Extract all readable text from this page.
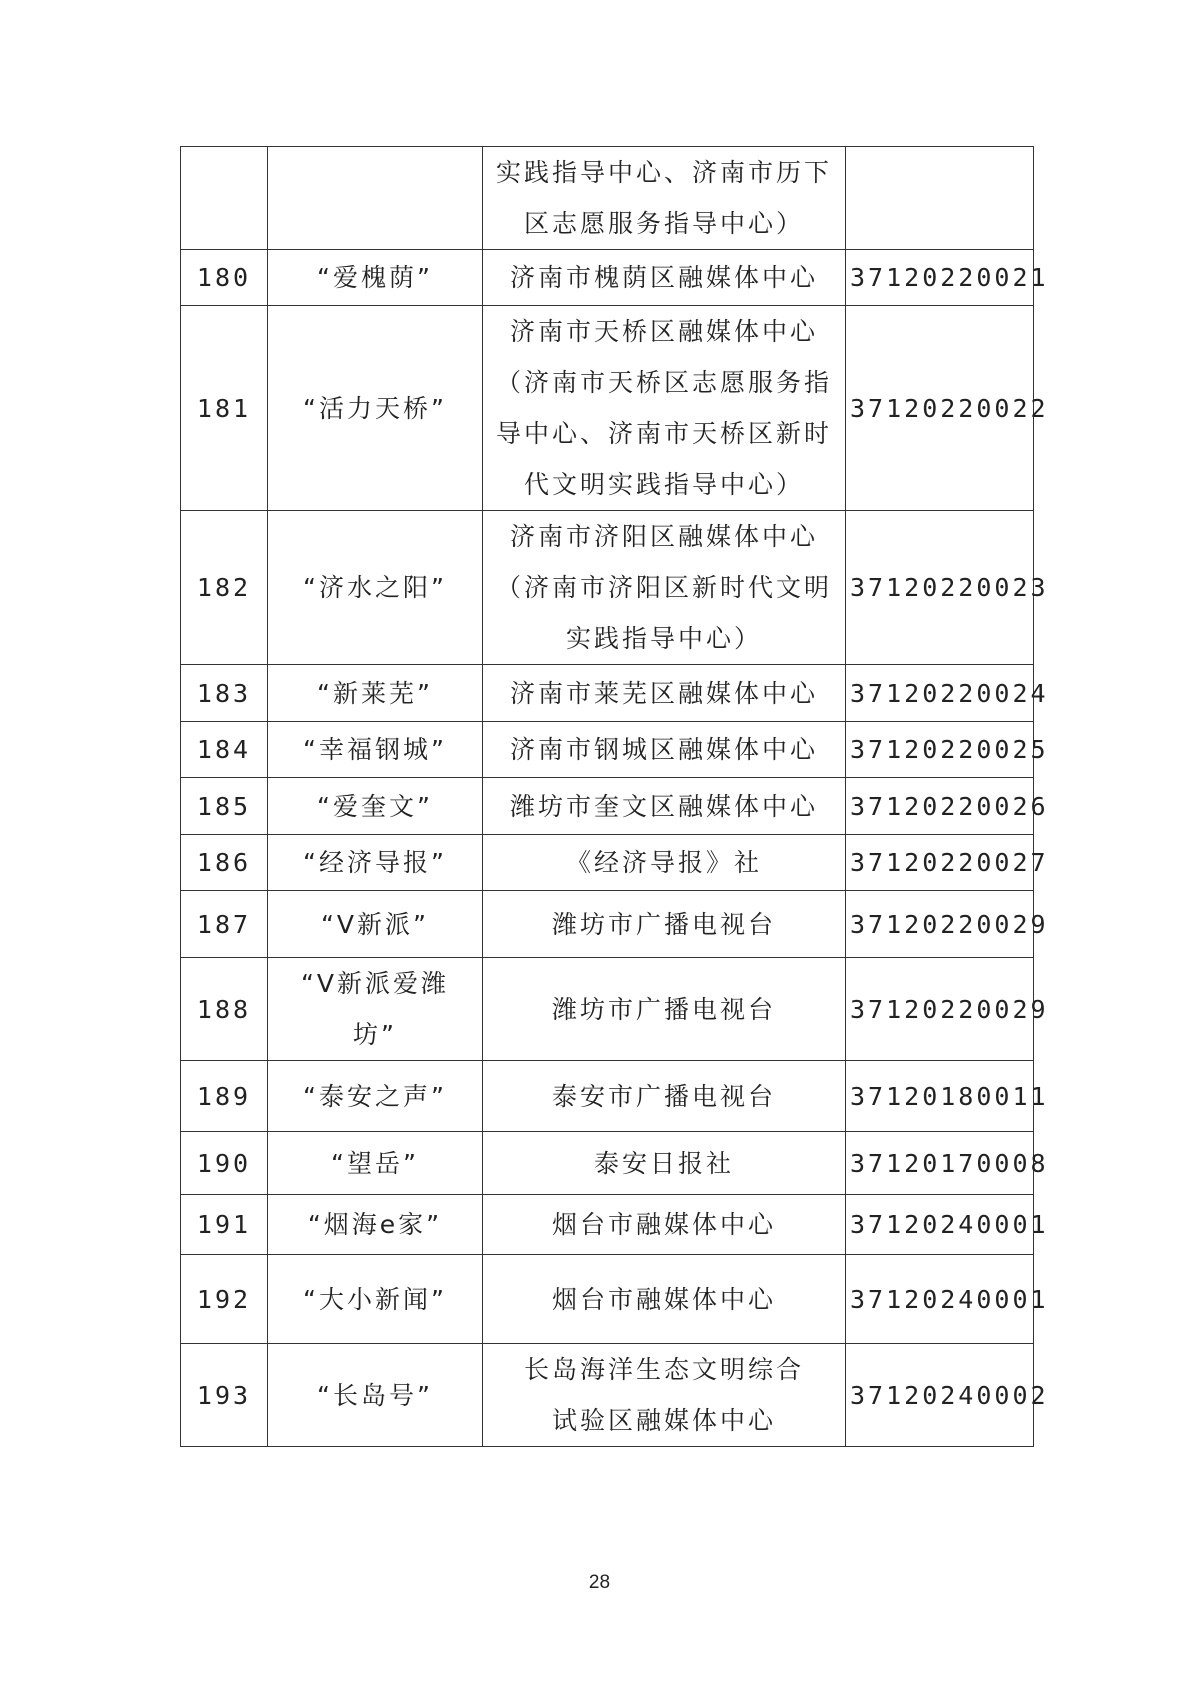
		实践指导中心、济南市历下
区志愿服务指导中心）	

180	“爱槐荫”	济南市槐荫区融媒体中心	37120220021
181	“活力天桥”	济南市天桥区融媒体中心
（济南市天桥区志愿服务指
导中心、济南市天桥区新时
代文明实践指导中心）	37120220022
182	“济水之阳”	济南市济阳区融媒体中心
（济南市济阳区新时代文明
实践指导中心）	37120220023
183	“新莱芜”	济南市莱芜区融媒体中心	37120220024
184	“幸福钢城”	济南市钢城区融媒体中心	37120220025
185	“爱奎文”	潍坊市奎文区融媒体中心	37120220026
186	“经济导报”	《经济导报》社	37120220027
187	“V新派”	潍坊市广播电视台	37120220029
188	“V新派爱潍
坊”	潍坊市广播电视台	37120220029
189	“泰安之声”	泰安市广播电视台	37120180011
190	“望岳”	泰安日报社	37120170008
191	“烟海e家”	烟台市融媒体中心	37120240001
192	“大小新闻”	烟台市融媒体中心	37120240001
193	“长岛号”	长岛海洋生态文明综合
试验区融媒体中心	37120240002
28
